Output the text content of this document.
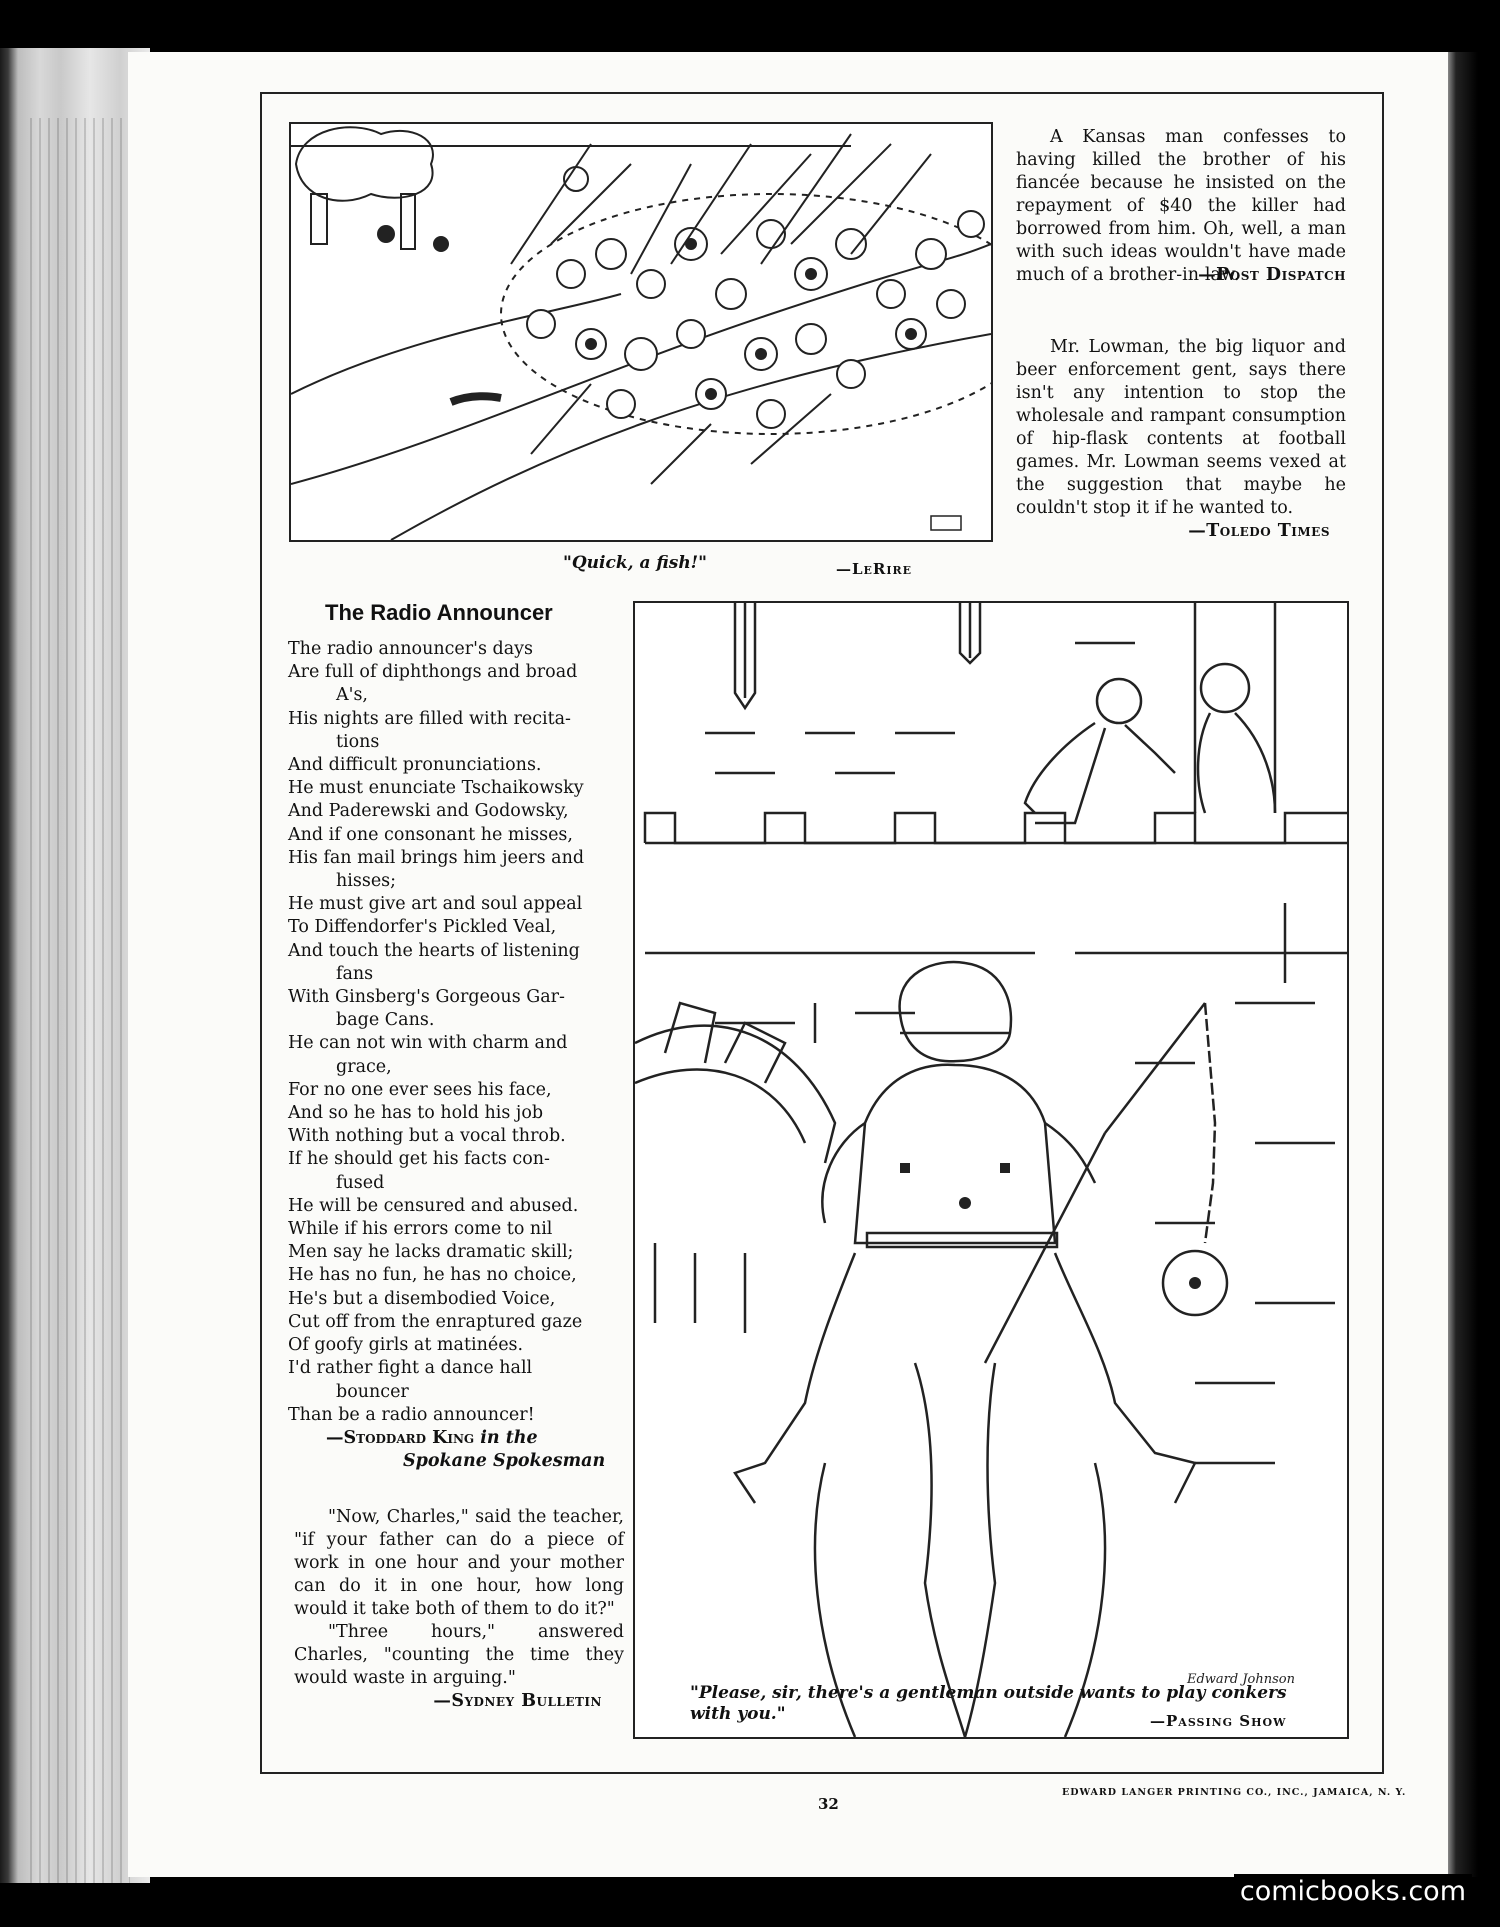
"Quick, a fish!"	—LeRire

A Kansas man confesses to having killed the brother of his fiancée because he insisted on the repayment of $40 the killer had borrowed from him. Oh, well, a man with such ideas wouldn't have made much of a brother-in-law.

—Post Dispatch

Mr. Lowman, the big liquor and beer enforcement gent, says there isn't any intention to stop the wholesale and rampant consumption of hip-flask contents at football games. Mr. Lowman seems vexed at the suggestion that maybe he couldn't stop it if he wanted to.

—Toledo Times
The Radio Announcer
The radio announcer's days
Are full of diphthongs and broad
A's,
His nights are filled with recita-
tions
And difficult pronunciations.
He must enunciate Tschaikowsky
And Paderewski and Godowsky,
And if one consonant he misses,
His fan mail brings him jeers and
hisses;
He must give art and soul appeal
To Diffendorfer's Pickled Veal,
And touch the hearts of listening
fans
With Ginsberg's Gorgeous Gar-
bage Cans.
He can not win with charm and
grace,
For no one ever sees his face,
And so he has to hold his job
With nothing but a vocal throb.
If he should get his facts con-
fused
He will be censured and abused.
While if his errors come to nil
Men say he lacks dramatic skill;
He has no fun, he has no choice,
He's but a disembodied Voice,
Cut off from the enraptured gaze
Of goofy girls at matinées.
I'd rather fight a dance hall
bouncer
Than be a radio announcer!
—Stoddard King in the
Spokane Spokesman

"Now, Charles," said the teacher, "if your father can do a piece of work in one hour and your mother can do it in one hour, how long would it take both of them to do it?"

"Three hours," answered Charles, "counting the time they would waste in arguing."

—Sydney Bulletin
Edward Johnson
"Please, sir, there's a gentleman outside wants to play conkers with you."	—Passing Show
32
EDWARD LANGER PRINTING CO., INC., JAMAICA, N. Y.
comicbooks.com
